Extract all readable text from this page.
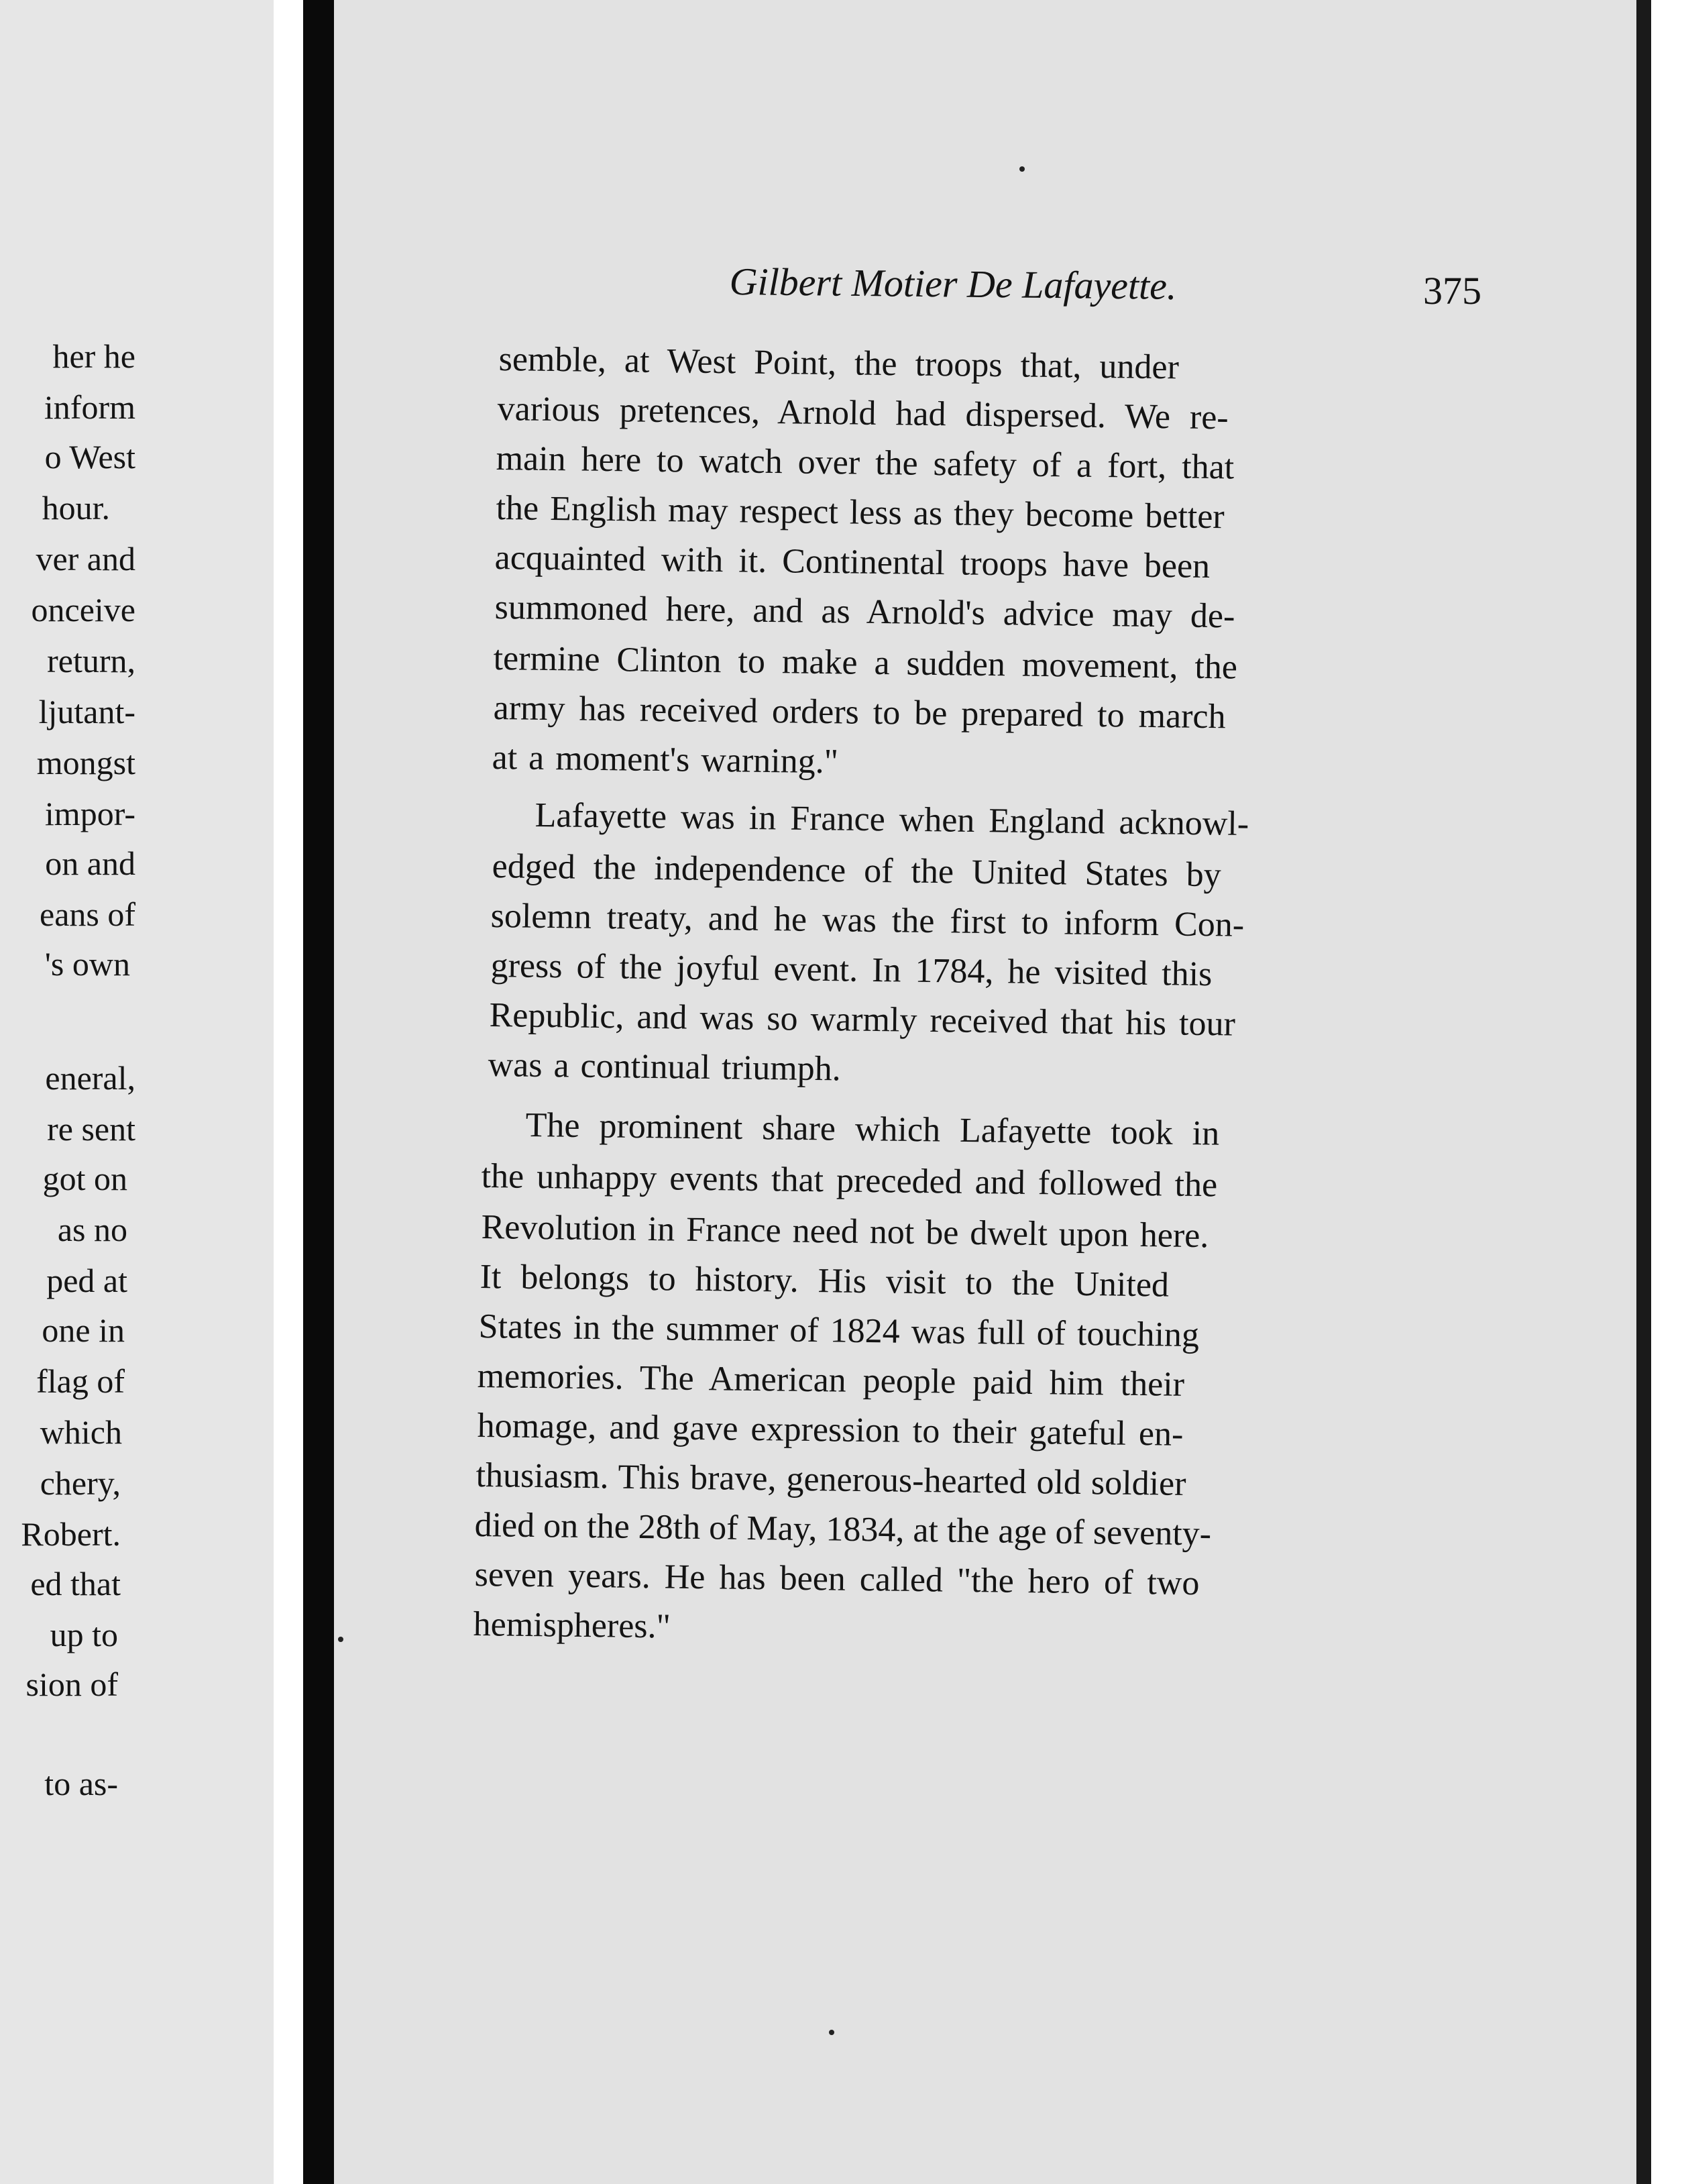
her he
inform
o West
hour.
ver and
onceive
return,
ljutant-
mongst
impor-
on and
eans of
's own
eneral,
re sent
got on
as no
ped at
one in
flag of
which
chery,
Robert.
ed that
up to
sion of
to as-
Gilbert Motier De Lafayette.	375
semble, at West Point, the troops that, under
various pretences, Arnold had dispersed. We re-
main here to watch over the safety of a fort, that
the English may respect less as they become better
acquainted with it. Continental troops have been
summoned here, and as Arnold's advice may de-
termine Clinton to make a sudden movement, the
army has received orders to be prepared to march
at a moment's warning."
Lafayette was in France when England acknowl-
edged the independence of the United States by
solemn treaty, and he was the first to inform Con-
gress of the joyful event. In 1784, he visited this
Republic, and was so warmly received that his tour
was a continual triumph.
The prominent share which Lafayette took in
the unhappy events that preceded and followed the
Revolution in France need not be dwelt upon here.
It belongs to history. His visit to the United
States in the summer of 1824 was full of touching
memories. The American people paid him their
homage, and gave expression to their gateful en-
thusiasm. This brave, generous-hearted old soldier
died on the 28th of May, 1834, at the age of seventy-
seven years. He has been called "the hero of two
hemispheres."
